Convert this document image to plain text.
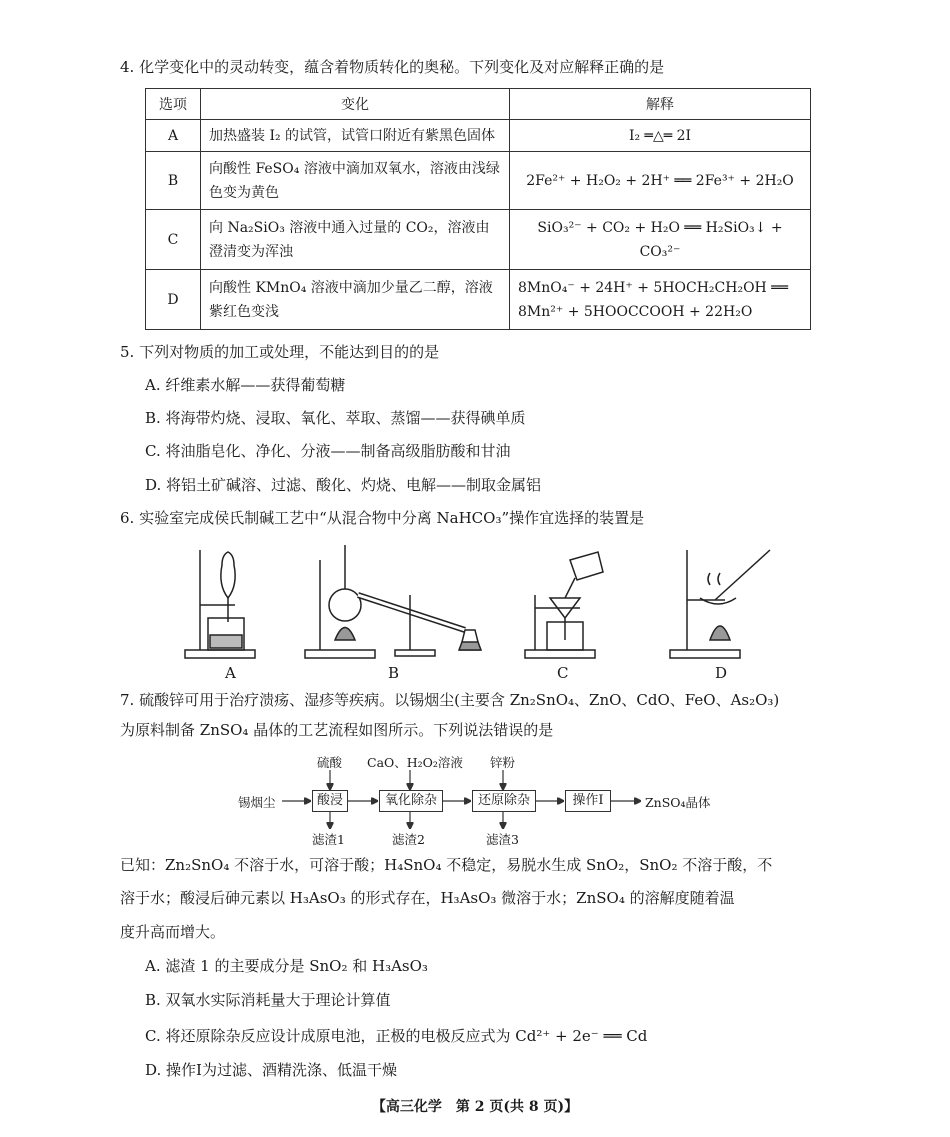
4. 化学变化中的灵动转变，蕴含着物质转化的奥秘。下列变化及对应解释正确的是
选项	变化	解释
A	加热盛装 I₂ 的试管，试管口附近有紫黑色固体	I₂ ═△═ 2I
B	向酸性 FeSO₄ 溶液中滴加双氧水，溶液由浅绿色变为黄色	2Fe²⁺ + H₂O₂ + 2H⁺ ══ 2Fe³⁺ + 2H₂O
C	向 Na₂SiO₃ 溶液中通入过量的 CO₂，溶液由澄清变为浑浊	SiO₃²⁻ + CO₂ + H₂O ══ H₂SiO₃↓ + CO₃²⁻
D	向酸性 KMnO₄ 溶液中滴加少量乙二醇，溶液紫红色变浅	8MnO₄⁻ + 24H⁺ + 5HOCH₂CH₂OH ══ 8Mn²⁺ + 5HOOCCOOH + 22H₂O
5. 下列对物质的加工或处理，不能达到目的的是
A. 纤维素水解——获得葡萄糖
B. 将海带灼烧、浸取、氧化、萃取、蒸馏——获得碘单质
C. 将油脂皂化、净化、分液——制备高级脂肪酸和甘油
D. 将铝土矿碱溶、过滤、酸化、灼烧、电解——制取金属铝
6. 实验室完成侯氏制碱工艺中“从混合物中分离 NaHCO₃”操作宜选择的装置是
A	B	C	D
7. 硫酸锌可用于治疗溃疡、湿疹等疾病。以锡烟尘(主要含 Zn₂SnO₄、ZnO、CdO、FeO、As₂O₃)
为原料制备 ZnSO₄ 晶体的工艺流程如图所示。下列说法错误的是
锡烟尘	酸浸	氧化除杂	还原除杂	操作Ⅰ	ZnSO₄晶体
硫酸 CaO、H₂O₂溶液 锌粉
滤渣1	滤渣2	滤渣3
已知：Zn₂SnO₄ 不溶于水，可溶于酸；H₄SnO₄ 不稳定，易脱水生成 SnO₂，SnO₂ 不溶于酸，不
溶于水；酸浸后砷元素以 H₃AsO₃ 的形式存在，H₃AsO₃ 微溶于水；ZnSO₄ 的溶解度随着温
度升高而增大。
A. 滤渣 1 的主要成分是 SnO₂ 和 H₃AsO₃
B. 双氧水实际消耗量大于理论计算值
C. 将还原除杂反应设计成原电池，正极的电极反应式为 Cd²⁺ + 2e⁻ ══ Cd
D. 操作Ⅰ为过滤、酒精洗涤、低温干燥
【高三化学　第 2 页(共 8 页)】
